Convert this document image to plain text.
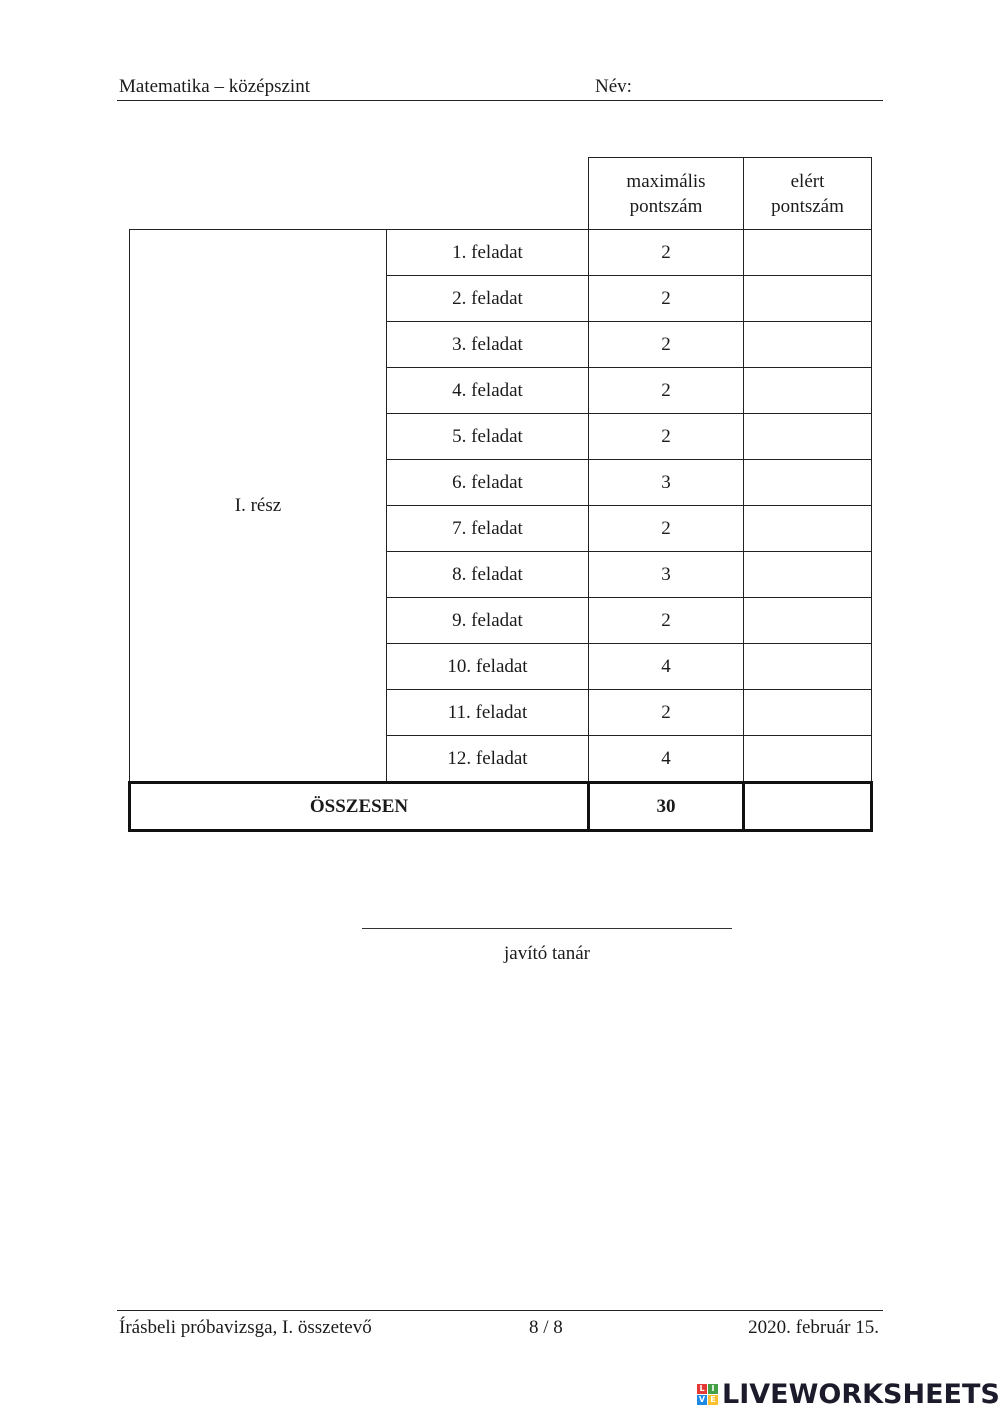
Matematika – középszint	Név:
		maximális pontszám	elért pontszám
I. rész	1. feladat	2	
	2. feladat	2	
	3. feladat	2	
	4. feladat	2	
	5. feladat	2	
	6. feladat	3	
	7. feladat	2	
	8. feladat	3	
	9. feladat	2	
	10. feladat	4	
	11. feladat	2	
	12. feladat	4	
ÖSSZESEN		30	
javító tanár
Írásbeli próbavizsga, I. összetevő	8 / 8	2020. február 15.
L I
V E LIVEWORKSHEETS
